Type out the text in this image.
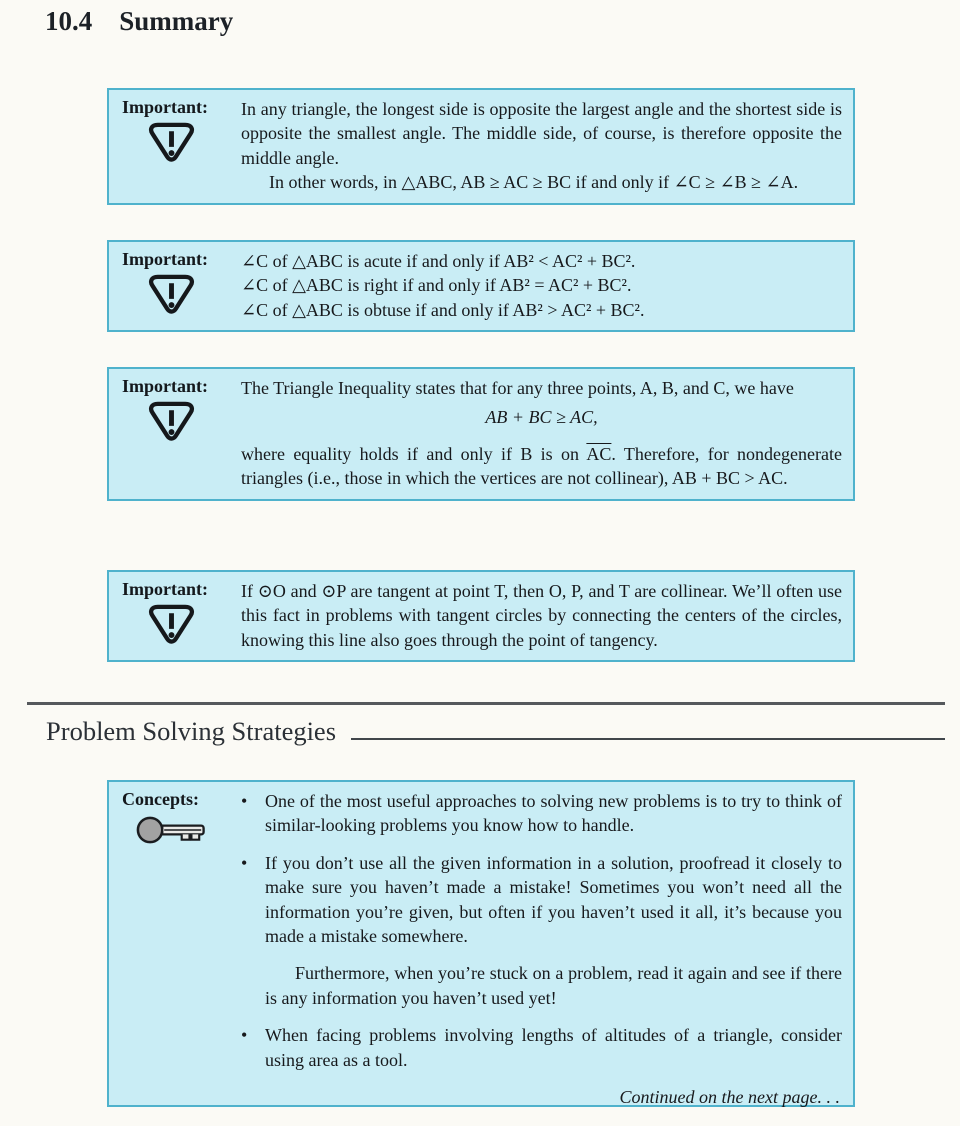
10.4 Summary
Important:	In any triangle, the longest side is opposite the largest angle and the shortest side is opposite the smallest angle. The middle side, of course, is therefore opposite the middle angle.
In other words, in △ABC, AB ≥ AC ≥ BC if and only if ∠C ≥ ∠B ≥ ∠A.
Important:	∠C of △ABC is acute if and only if AB² < AC² + BC².
∠C of △ABC is right if and only if AB² = AC² + BC².
∠C of △ABC is obtuse if and only if AB² > AC² + BC².
Important:	The Triangle Inequality states that for any three points, A, B, and C, we have
AB + BC ≥ AC,
where equality holds if and only if B is on $\overline{AC}$. Therefore, for nondegenerate triangles (i.e., those in which the vertices are not collinear), AB + BC > AC.
Important:	If ⊙O and ⊙P are tangent at point T, then O, P, and T are collinear. We’ll often use this fact in problems with tangent circles by connecting the centers of the circles, knowing this line also goes through the point of tangency.
Problem Solving Strategies
Concepts:	• One of the most useful approaches to solving new problems is to try to think of similar-looking problems you know how to handle.
• If you don’t use all the given information in a solution, proofread it closely to make sure you haven’t made a mistake! Sometimes you won’t need all the information you’re given, but often if you haven’t used it all, it’s because you made a mistake somewhere.
Furthermore, when you’re stuck on a problem, read it again and see if there is any information you haven’t used yet!
• When facing problems involving lengths of altitudes of a triangle, consider using area as a tool.
Continued on the next page. . .
